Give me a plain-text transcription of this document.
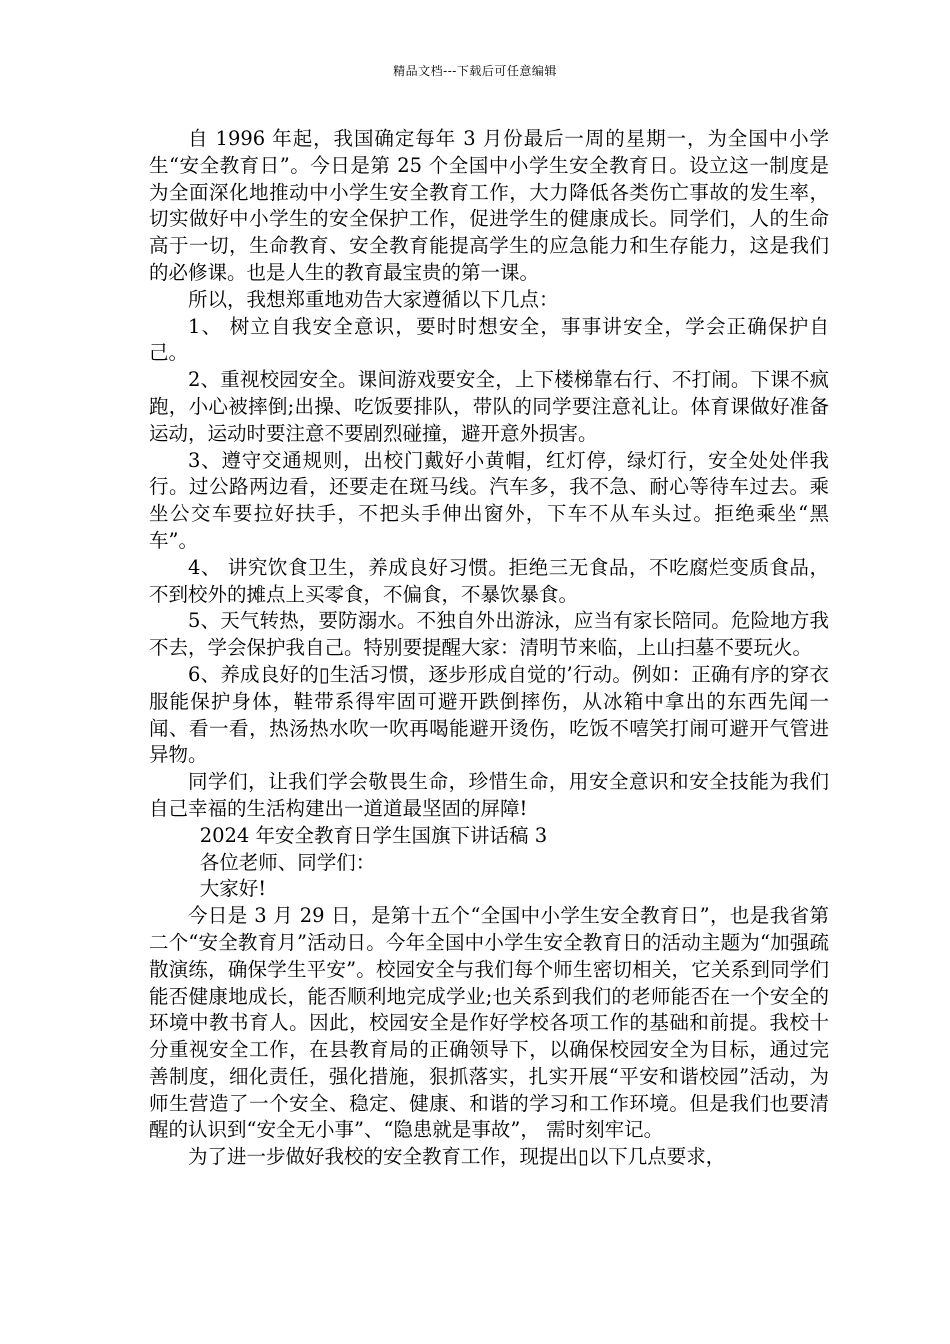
精品文档---下载后可任意编辑

自 1996 年起，我国确定每年 3 月份最后一周的星期一，为全国中小学生“安全教育日”。今日是第 25 个全国中小学生安全教育日。设立这一制度是为全面深化地推动中小学生安全教育工作，大力降低各类伤亡事故的发生率，切实做好中小学生的安全保护工作，促进学生的健康成长。同学们，人的生命高于一切，生命教育、安全教育能提高学生的应急能力和生存能力，这是我们的必修课。也是人生的教育最宝贵的第一课。

所以，我想郑重地劝告大家遵循以下几点：

1、 树立自我安全意识，要时时想安全，事事讲安全，学会正确保护自己。

2、重视校园安全。课间游戏要安全，上下楼梯靠右行、不打闹。下课不疯跑，小心被摔倒;出操、吃饭要排队，带队的同学要注意礼让。体育课做好准备运动，运动时要注意不要剧烈碰撞，避开意外损害。

3、遵守交通规则，出校门戴好小黄帽，红灯停，绿灯行，安全处处伴我行。过公路两边看，还要走在斑马线。汽车多，我不急、耐心等待车过去。乘坐公交车要拉好扶手，不把头手伸出窗外，下车不从车头过。拒绝乘坐“黑车”。

4、 讲究饮食卫生，养成良好习惯。拒绝三无食品，不吃腐烂变质食品，不到校外的摊点上买零食，不偏食，不暴饮暴食。

5、天气转热，要防溺水。不独自外出游泳，应当有家长陪同。危险地方我不去，学会保护我自己。特别要提醒大家：清明节来临，上山扫墓不要玩火。

6、养成良好的▯生活习惯，逐步形成自觉的’行动。例如：正确有序的穿衣服能保护身体，鞋带系得牢固可避开跌倒摔伤，从冰箱中拿出的东西先闻一闻、看一看，热汤热水吹一吹再喝能避开烫伤，吃饭不嘻笑打闹可避开气管进异物。

同学们，让我们学会敬畏生命，珍惜生命，用安全意识和安全技能为我们自己幸福的生活构建出一道道最坚固的屏障!

2024 年安全教育日学生国旗下讲话稿 3

各位老师、同学们：

大家好!

今日是 3 月 29 日，是第十五个“全国中小学生安全教育日”，也是我省第二个“安全教育月”活动日。今年全国中小学生安全教育日的活动主题为“加强疏散演练，确保学生平安”。校园安全与我们每个师生密切相关，它关系到同学们能否健康地成长，能否顺利地完成学业;也关系到我们的老师能否在一个安全的环境中教书育人。因此，校园安全是作好学校各项工作的基础和前提。我校十分重视安全工作，在县教育局的正确领导下，以确保校园安全为目标，通过完善制度，细化责任，强化措施，狠抓落实，扎实开展“平安和谐校园”活动，为师生营造了一个安全、稳定、健康、和谐的学习和工作环境。但是我们也要清醒的认识到“安全无小事”、“隐患就是事故”， 需时刻牢记。

为了进一步做好我校的安全教育工作，现提出▯以下几点要求，
